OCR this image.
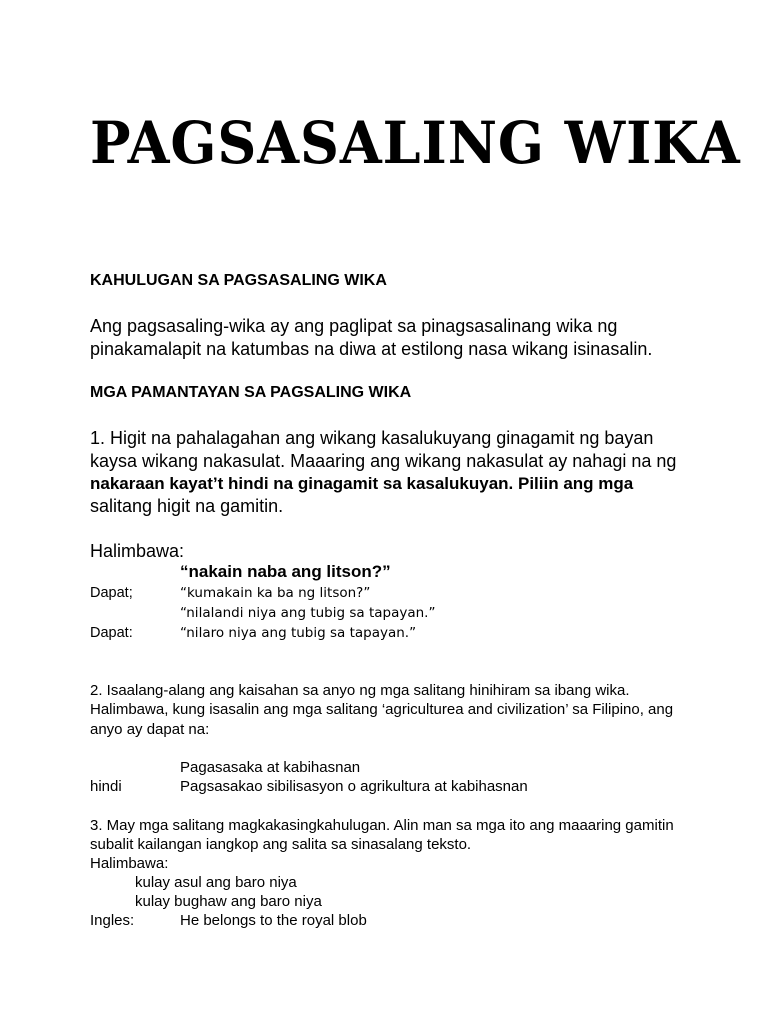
PAGSASALING WIKA
KAHULUGAN SA PAGSASALING WIKA
Ang pagsasaling-wika ay ang paglipat sa pinagsasalinang wika ng
pinakamalapit na katumbas na diwa at estilong nasa wikang isinasalin.
MGA PAMANTAYAN SA PAGSALING WIKA
1. Higit na pahalagahan ang wikang kasalukuyang ginagamit ng bayan
kaysa wikang nakasulat. Maaaring ang wikang nakasulat ay nahagi na ng
nakaraan kayat’t hindi na ginagamit sa kasalukuyan. Piliin ang mga
salitang higit na gamitin.
Halimbawa:
“nakain naba ang litson?”
Dapat;	“kumakain ka ba ng litson?”
“nilalandi niya ang tubig sa tapayan.”
Dapat:	“nilaro niya ang tubig sa tapayan.”
2. Isaalang-alang ang kaisahan sa anyo ng mga salitang hinihiram sa ibang wika.
Halimbawa, kung isasalin ang mga salitang ‘agriculturea and civilization’ sa Filipino, ang
anyo ay dapat na:
Pagasasaka at kabihasnan
hindi	Pagsasakao sibilisasyon o agrikultura at kabihasnan
3. May mga salitang magkakasingkahulugan. Alin man sa mga ito ang maaaring gamitin
subalit kailangan iangkop ang salita sa sinasalang teksto.
Halimbawa:
kulay asul ang baro niya
kulay bughaw ang baro niya
Ingles:	He belongs to the royal blob
